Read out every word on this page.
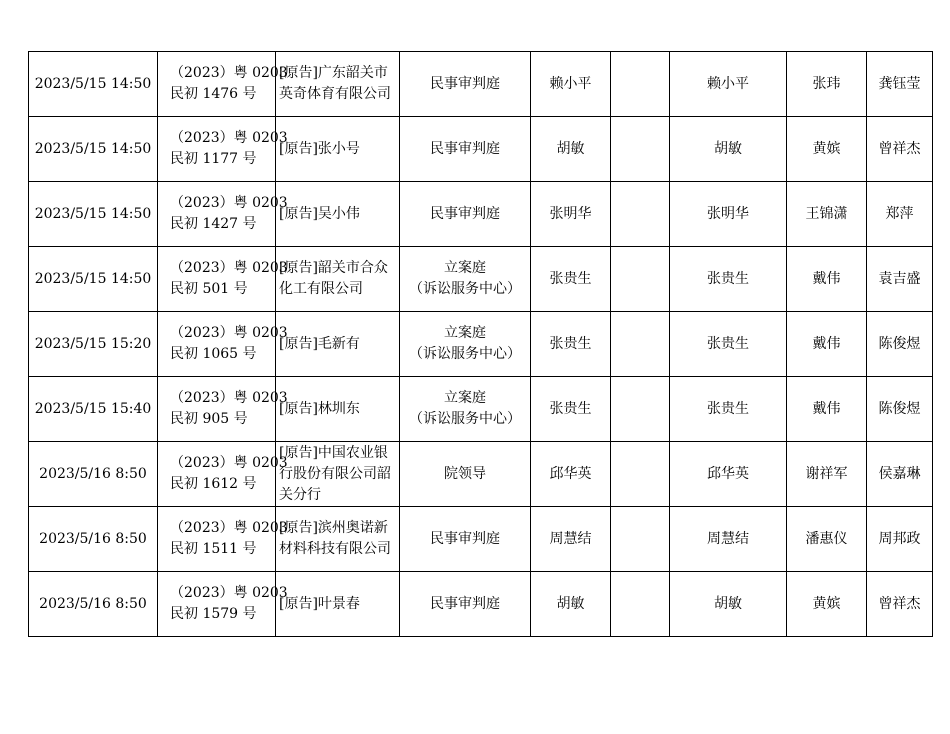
2023/5/15 14:50	（2023）粤 0203
民初 1476 号	[原告]广东韶关市英奇体育有限公司	民事审判庭	赖小平		赖小平	张玮	龚钰莹
2023/5/15 14:50	（2023）粤 0203
民初 1177 号	[原告]张小号	民事审判庭	胡敏		胡敏	黄嫔	曾祥杰
2023/5/15 14:50	（2023）粤 0203
民初 1427 号	[原告]吴小伟	民事审判庭	张明华		张明华	王锦潇	郑萍
2023/5/15 14:50	（2023）粤 0203
民初 501 号	[原告]韶关市合众化工有限公司	立案庭
（诉讼服务中心）	张贵生		张贵生	戴伟	袁吉盛
2023/5/15 15:20	（2023）粤 0203
民初 1065 号	[原告]毛新有	立案庭
（诉讼服务中心）	张贵生		张贵生	戴伟	陈俊煜
2023/5/15 15:40	（2023）粤 0203
民初 905 号	[原告]林圳东	立案庭
（诉讼服务中心）	张贵生		张贵生	戴伟	陈俊煜
2023/5/16 8:50	（2023）粤 0203
民初 1612 号	[原告]中国农业银行股份有限公司韶关分行	院领导	邱华英		邱华英	谢祥军	侯嘉琳
2023/5/16 8:50	（2023）粤 0203
民初 1511 号	[原告]滨州奥诺新材料科技有限公司	民事审判庭	周慧结		周慧结	潘惠仪	周邦政
2023/5/16 8:50	（2023）粤 0203
民初 1579 号	[原告]叶景春	民事审判庭	胡敏		胡敏	黄嫔	曾祥杰
